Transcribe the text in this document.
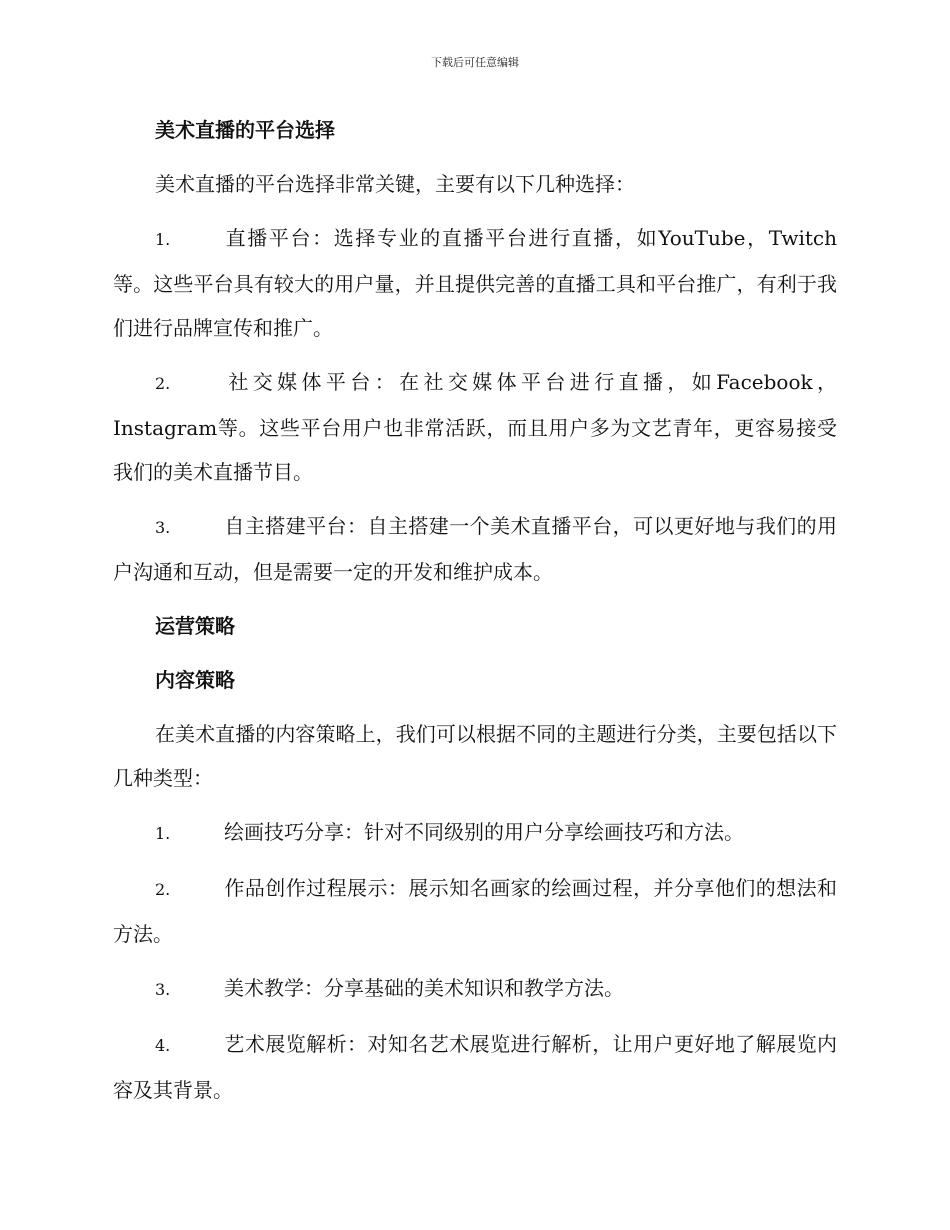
下载后可任意编辑
美术直播的平台选择
美术直播的平台选择非常关键，主要有以下几种选择：
1.	直播平台：选择专业的直播平台进行直播，如YouTube，Twitch等。这些平台具有较大的用户量，并且提供完善的直播工具和平台推广，有利于我们进行品牌宣传和推广。
2.	社交媒体平台：在社交媒体平台进行直播，如Facebook，Instagram等。这些平台用户也非常活跃，而且用户多为文艺青年，更容易接受我们的美术直播节目。
3.	自主搭建平台：自主搭建一个美术直播平台，可以更好地与我们的用户沟通和互动，但是需要一定的开发和维护成本。
运营策略
内容策略
在美术直播的内容策略上，我们可以根据不同的主题进行分类，主要包括以下几种类型：
1.	绘画技巧分享：针对不同级别的用户分享绘画技巧和方法。
2.	作品创作过程展示：展示知名画家的绘画过程，并分享他们的想法和方法。
3.	美术教学：分享基础的美术知识和教学方法。
4.	艺术展览解析：对知名艺术展览进行解析，让用户更好地了解展览内容及其背景。
